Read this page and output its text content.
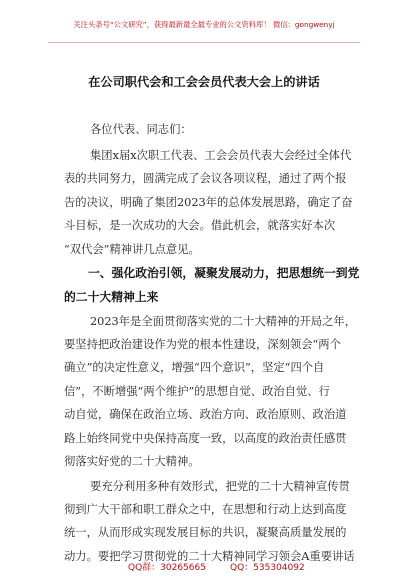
关注头条号“公文研究”，获得最新最全最专业的公文资料库！ 微信：gongwenyj
在公司职代会和工会会员代表大会上的讲话
各位代表、同志们：
集团x届x次职工代表、工会会员代表大会经过全体代
表的共同努力，圆满完成了会议各项议程，通过了两个报
告的决议，明确了集团2023年的总体发展思路，确定了奋
斗目标，是一次成功的大会。借此机会，就落实好本次
“双代会”精神讲几点意见。
一、强化政治引领，凝聚发展动力，把思想统一到党
的二十大精神上来
2023年是全面贯彻落实党的二十大精神的开局之年，
要坚持把政治建设作为党的根本性建设，深刻领会“两个
确立”的决定性意义，增强“四个意识”，坚定“四个自
信”，不断增强“两个维护”的思想自觉、政治自觉、行
动自觉，确保在政治立场、政治方向、政治原则、政治道
路上始终同党中央保持高度一致，以高度的政治责任感贯
彻落实好党的二十大精神。
要充分利用多种有效形式，把党的二十大精神宣传贯
彻到广大干部和职工群众之中，在思想和行动上达到高度
统一，从而形成实现发展目标的共识，凝聚高质量发展的
动力。要把学习贯彻党的二十大精神同学习领会A重要讲话
QQ群：30265665	QQ：535304092
